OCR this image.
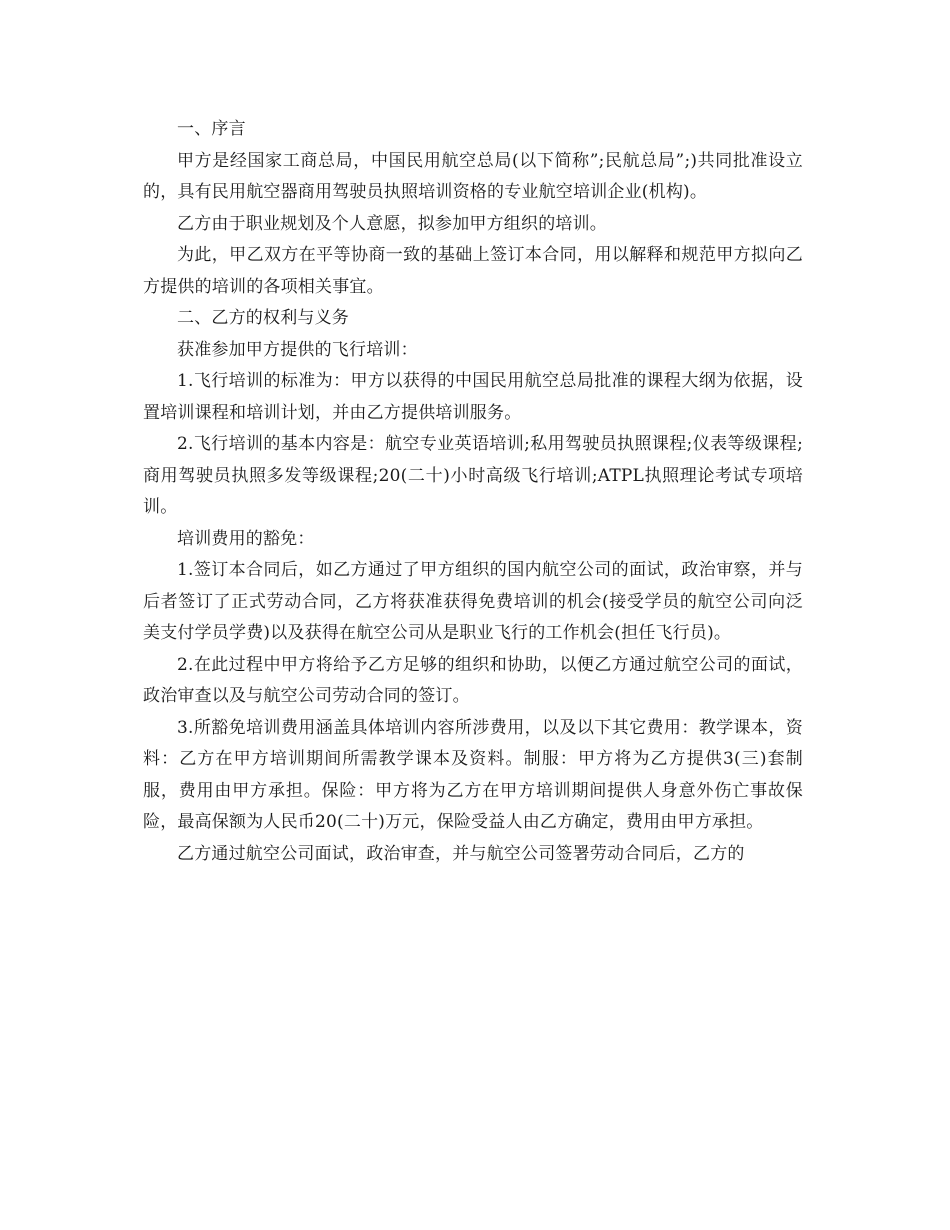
一、序言

甲方是经国家工商总局，中国民用航空总局(以下简称”;民航总局”;)共同批准设立的，具有民用航空器商用驾驶员执照培训资格的专业航空培训企业(机构)。

乙方由于职业规划及个人意愿，拟参加甲方组织的培训。

为此，甲乙双方在平等协商一致的基础上签订本合同，用以解释和规范甲方拟向乙方提供的培训的各项相关事宜。

二、乙方的权利与义务

获准参加甲方提供的飞行培训：

1.飞行培训的标准为：甲方以获得的中国民用航空总局批准的课程大纲为依据，设置培训课程和培训计划，并由乙方提供培训服务。

2.飞行培训的基本内容是：航空专业英语培训;私用驾驶员执照课程;仪表等级课程;商用驾驶员执照多发等级课程;20(二十)小时高级飞行培训;ATPL执照理论考试专项培训。

培训费用的豁免：

1.签订本合同后，如乙方通过了甲方组织的国内航空公司的面试，政治审察，并与后者签订了正式劳动合同，乙方将获准获得免费培训的机会(接受学员的航空公司向泛美支付学员学费)以及获得在航空公司从是职业飞行的工作机会(担任飞行员)。

2.在此过程中甲方将给予乙方足够的组织和协助，以便乙方通过航空公司的面试，政治审查以及与航空公司劳动合同的签订。

3.所豁免培训费用涵盖具体培训内容所涉费用，以及以下其它费用：教学课本，资料：乙方在甲方培训期间所需教学课本及资料。制服：甲方将为乙方提供3(三)套制服，费用由甲方承担。保险：甲方将为乙方在甲方培训期间提供人身意外伤亡事故保险，最高保额为人民币20(二十)万元，保险受益人由乙方确定，费用由甲方承担。

乙方通过航空公司面试，政治审查，并与航空公司签署劳动合同后，乙方的
